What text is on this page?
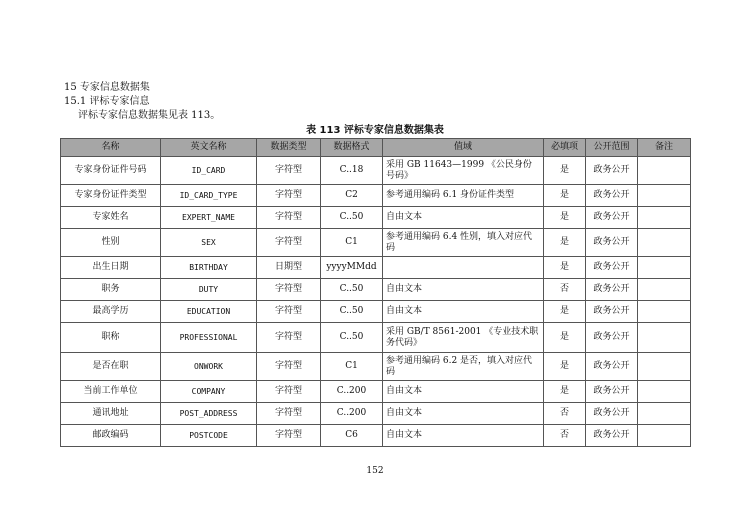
15 专家信息数据集
15.1 评标专家信息
评标专家信息数据集见表 113。
表 113 评标专家信息数据集表
名称	英文名称	数据类型	数据格式	值域	必填项	公开范围	备注
专家身份证件号码	ID_CARD	字符型	C..18	采用 GB 11643—1999 《公民身份号码》	是	政务公开	
专家身份证件类型	ID_CARD_TYPE	字符型	C2	参考通用编码 6.1 身份证件类型	是	政务公开	
专家姓名	EXPERT_NAME	字符型	C..50	自由文本	是	政务公开	
性别	SEX	字符型	C1	参考通用编码 6.4 性别，填入对应代码	是	政务公开	
出生日期	BIRTHDAY	日期型	yyyyMMdd		是	政务公开	
职务	DUTY	字符型	C..50	自由文本	否	政务公开	
最高学历	EDUCATION	字符型	C..50	自由文本	是	政务公开	
职称	PROFESSIONAL	字符型	C..50	采用 GB/T 8561-2001 《专业技术职务代码》	是	政务公开	
是否在职	ONWORK	字符型	C1	参考通用编码 6.2 是否，填入对应代码	是	政务公开	
当前工作单位	COMPANY	字符型	C..200	自由文本	是	政务公开	
通讯地址	POST_ADDRESS	字符型	C..200	自由文本	否	政务公开	
邮政编码	POSTCODE	字符型	C6	自由文本	否	政务公开	
152
